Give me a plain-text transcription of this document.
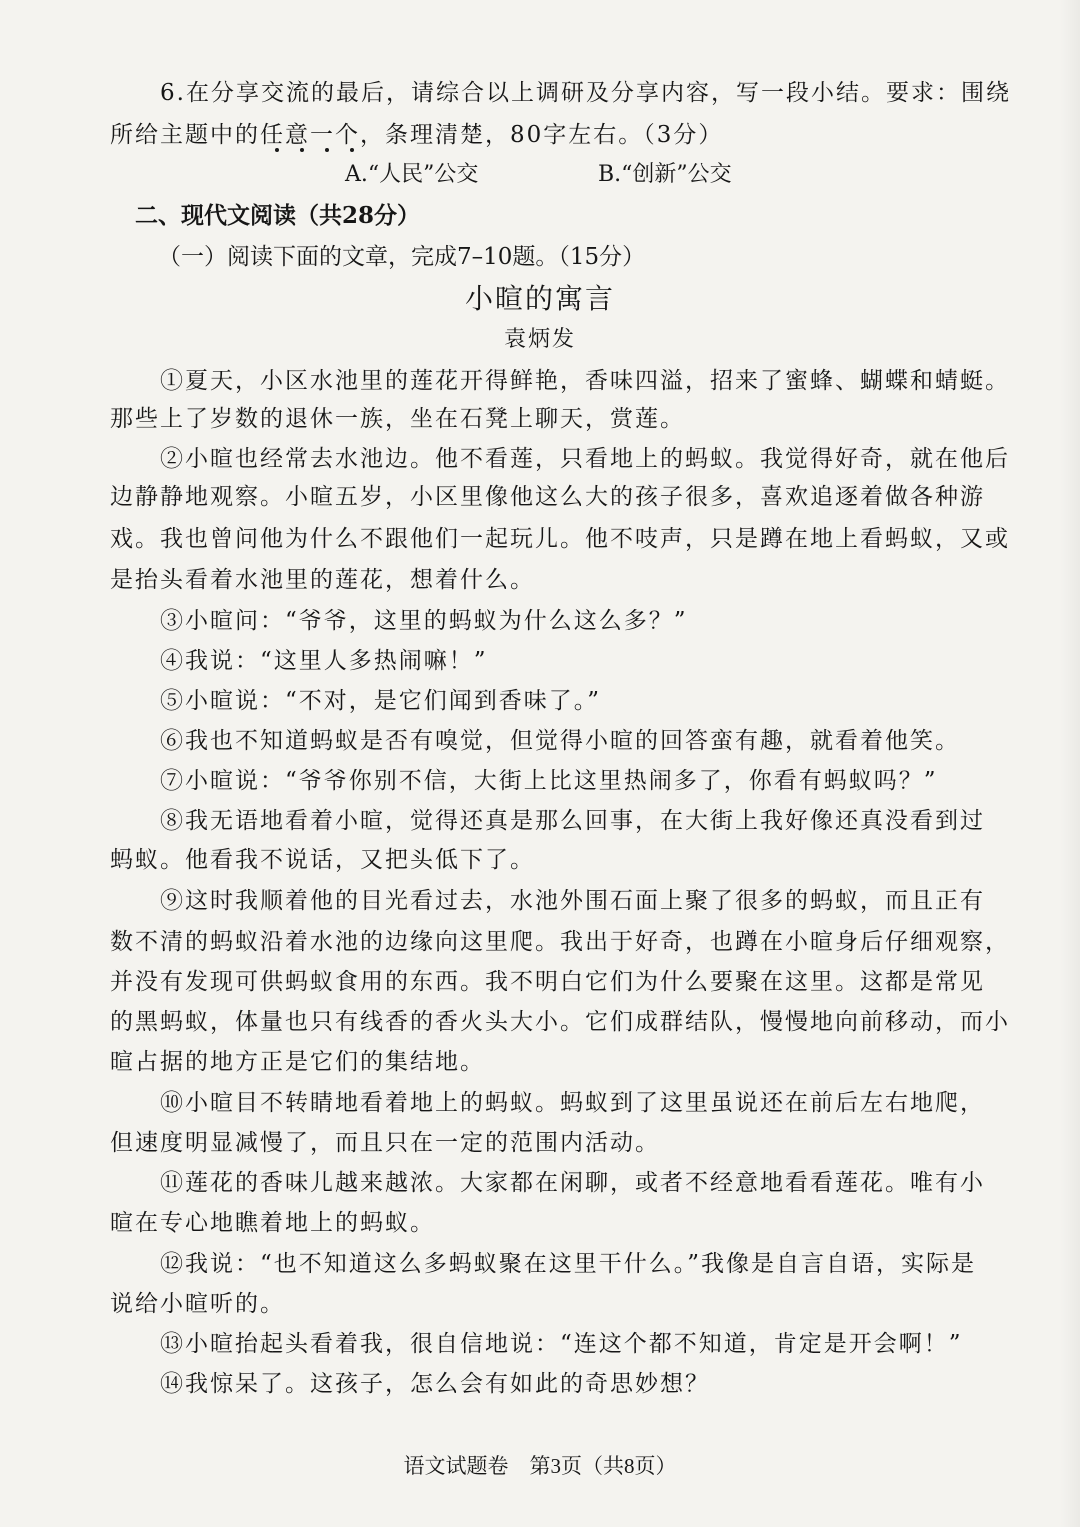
6.在分享交流的最后，请综合以上调研及分享内容，写一段小结。要求：围绕
所给主题中的任意一个，条理清楚，80字左右。（3分）
A.“人民”公交	B.“创新”公交
二、现代文阅读（共28分）
（一）阅读下面的文章，完成7–10题。（15分）
小暄的寓言
袁炳发
①夏天，小区水池里的莲花开得鲜艳，香味四溢，招来了蜜蜂、蝴蝶和蜻蜓。
那些上了岁数的退休一族，坐在石凳上聊天，赏莲。
②小暄也经常去水池边。他不看莲，只看地上的蚂蚁。我觉得好奇，就在他后
边静静地观察。小暄五岁，小区里像他这么大的孩子很多，喜欢追逐着做各种游
戏。我也曾问他为什么不跟他们一起玩儿。他不吱声，只是蹲在地上看蚂蚁，又或
是抬头看着水池里的莲花，想着什么。
③小暄问：“爷爷，这里的蚂蚁为什么这么多？”
④我说：“这里人多热闹嘛！”
⑤小暄说：“不对，是它们闻到香味了。”
⑥我也不知道蚂蚁是否有嗅觉，但觉得小暄的回答蛮有趣，就看着他笑。
⑦小暄说：“爷爷你别不信，大街上比这里热闹多了，你看有蚂蚁吗？”
⑧我无语地看着小暄，觉得还真是那么回事，在大街上我好像还真没看到过
蚂蚁。他看我不说话，又把头低下了。
⑨这时我顺着他的目光看过去，水池外围石面上聚了很多的蚂蚁，而且正有
数不清的蚂蚁沿着水池的边缘向这里爬。我出于好奇，也蹲在小暄身后仔细观察，
并没有发现可供蚂蚁食用的东西。我不明白它们为什么要聚在这里。这都是常见
的黑蚂蚁，体量也只有线香的香火头大小。它们成群结队，慢慢地向前移动，而小
暄占据的地方正是它们的集结地。
⑩小暄目不转睛地看着地上的蚂蚁。蚂蚁到了这里虽说还在前后左右地爬，
但速度明显减慢了，而且只在一定的范围内活动。
⑪莲花的香味儿越来越浓。大家都在闲聊，或者不经意地看看莲花。唯有小
暄在专心地瞧着地上的蚂蚁。
⑫我说：“也不知道这么多蚂蚁聚在这里干什么。”我像是自言自语，实际是
说给小暄听的。
⑬小暄抬起头看着我，很自信地说：“连这个都不知道，肯定是开会啊！”
⑭我惊呆了。这孩子，怎么会有如此的奇思妙想？
语文试题卷　第3页（共8页）
